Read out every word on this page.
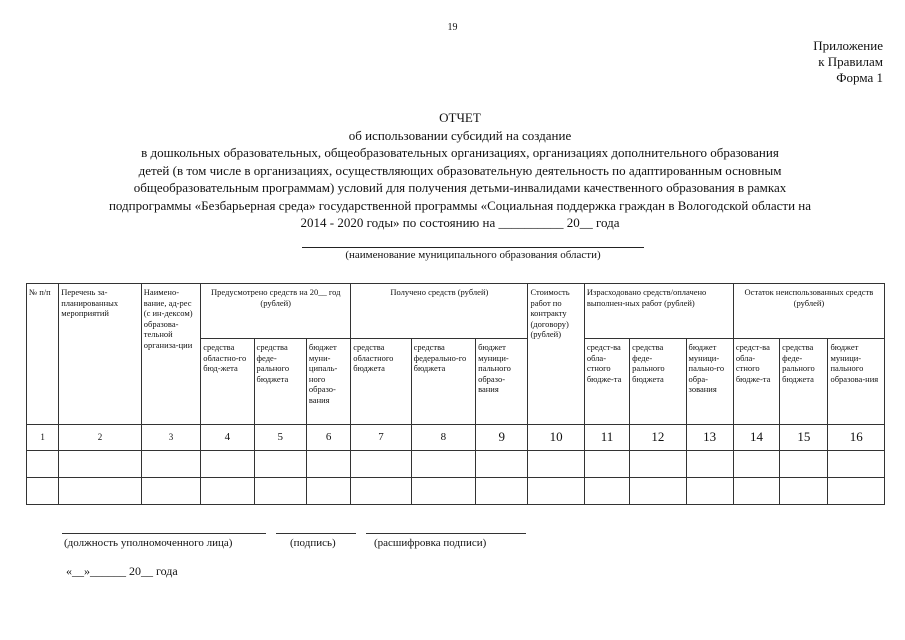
19
Приложение
к Правилам
Форма 1
ОТЧЕТ
об использовании субсидий на создание
в дошкольных образовательных, общеобразовательных организациях, организациях дополнительного образования
детей (в том числе в организациях, осуществляющих образовательную деятельность по адаптированным основным
общеобразовательным программам) условий для получения детьми-инвалидами качественного образования в рамках
подпрограммы «Безбарьерная среда» государственной программы «Социальная поддержка граждан в Вологодской области на
2014 - 2020 годы» по состоянию на __________ 20__ года
(наименование муниципального образования области)
№ п/п	Перечень за-планированных мероприятий	Наимено-вание, ад-рес (с ин-дексом) образова-тельной организа-ции	Предусмотрено средств на 20__ год (рублей)			Получено средств (рублей)			Стоимость работ по контракту (договору) (рублей)	Израсходовано средств/оплачено выполнен-ных работ (рублей)			Остаток неиспользованных средств (рублей)		
			средства областно-го бюд-жета	средства феде-рального бюджета	бюджет муни-ципаль-ного образо-вания	средства областного бюджета	средства федерально-го бюджета	бюджет муници-пального образо-вания		средст-ва обла-стного бюдже-та	средства феде-рального бюджета	бюджет муници-пально-го обра-зования	средст-ва обла-стного бюдже-та	средства феде-рального бюджета	бюджет муници-пального образова-ния
1	2	3	4	5	6	7	8	9	10	11	12	13	14	15	16

(должность уполномоченного лица)	(подпись)	(расшифровка подписи)
«__»______ 20__ года
